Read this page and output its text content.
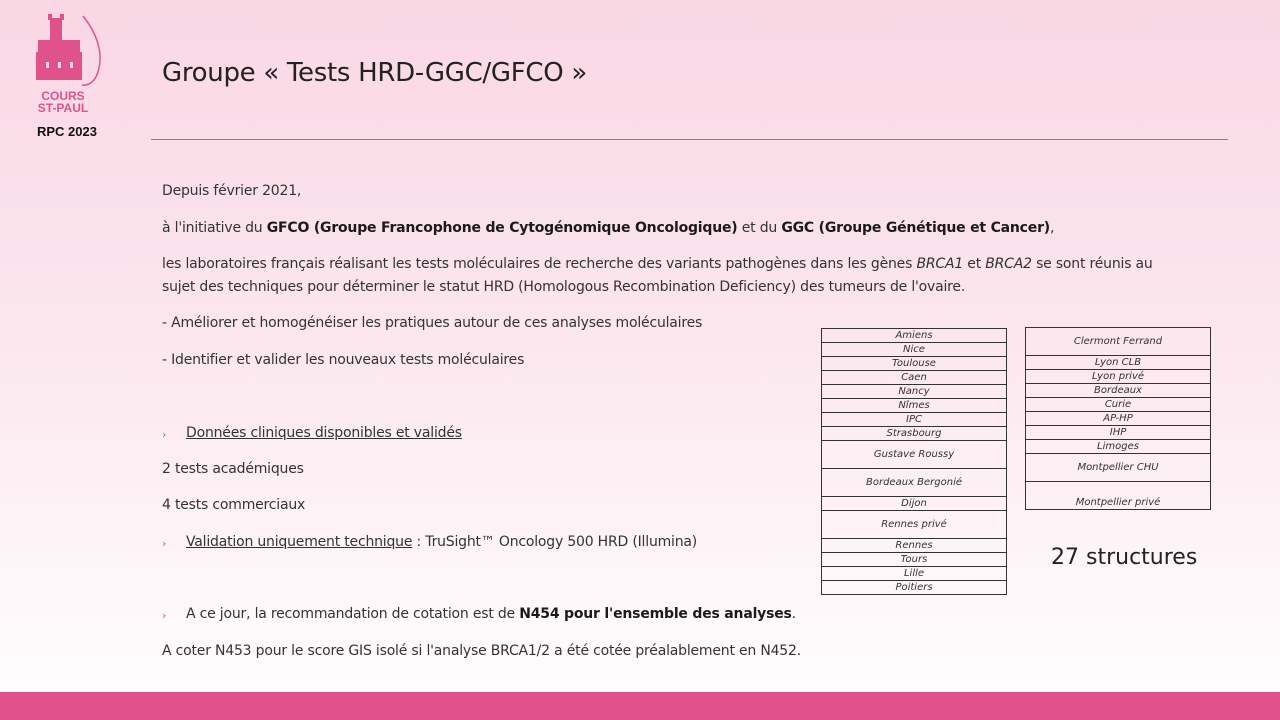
COURS
ST-PAUL
RPC 2023
Groupe « Tests HRD-GGC/GFCO »
Depuis février 2021,
à l'initiative du GFCO (Groupe Francophone de Cytogénomique Oncologique) et du GGC (Groupe Génétique et Cancer),
les laboratoires français réalisant les tests moléculaires de recherche des variants pathogènes dans les gènes BRCA1 et BRCA2 se sont réunis au
sujet des techniques pour déterminer le statut HRD (Homologous Recombination Deficiency) des tumeurs de l'ovaire.
- Améliorer et homogénéiser les pratiques autour de ces analyses moléculaires
- Identifier et valider les nouveaux tests moléculaires
› Données cliniques disponibles et validés
2 tests académiques
4 tests commerciaux
› Validation uniquement technique : TruSight™ Oncology 500 HRD (Illumina)
› A ce jour, la recommandation de cotation est de N454 pour l'ensemble des analyses.
A coter N453 pour le score GIS isolé si l'analyse BRCA1/2 a été cotée préalablement en N452.
Amiens
Nice
Toulouse
Caen
Nancy
Nîmes
IPC
Strasbourg
Gustave Roussy
Bordeaux Bergonié
Dijon
Rennes privé
Rennes
Tours
Lille
Poitiers
Clermont Ferrand
Lyon CLB
Lyon privé
Bordeaux
Curie
AP-HP
IHP
Limoges
Montpellier CHU
Montpellier privé
27 structures
